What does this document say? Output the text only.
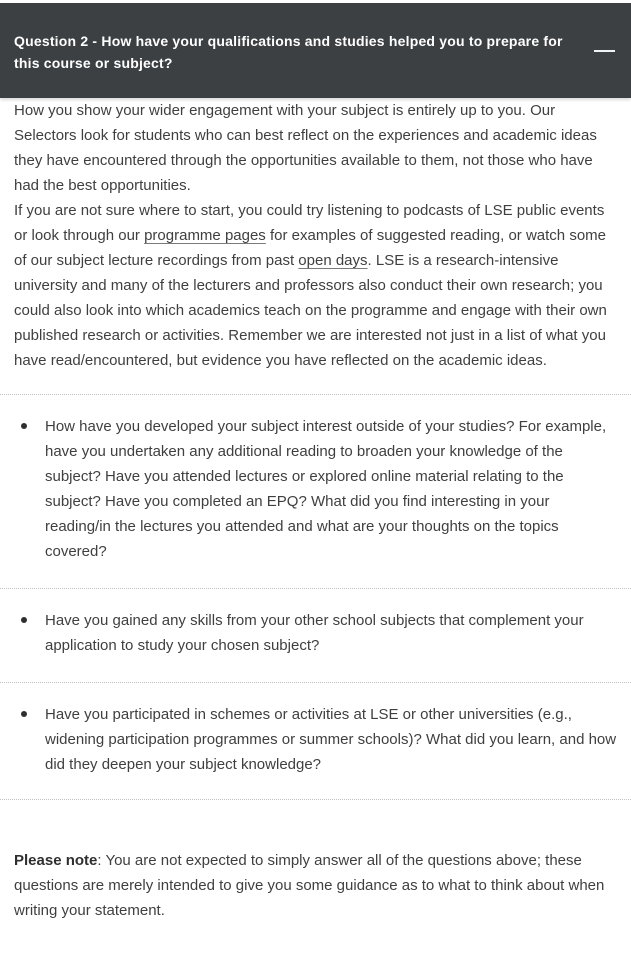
Question 2 - How have your qualifications and studies helped you to prepare for this course or subject?

How you show your wider engagement with your subject is entirely up to you. Our Selectors look for students who can best reflect on the experiences and academic ideas they have encountered through the opportunities available to them, not those who have had the best opportunities.

If you are not sure where to start, you could try listening to podcasts of LSE public events or look through our programme pages for examples of suggested reading, or watch some of our subject lecture recordings from past open days. LSE is a research-intensive university and many of the lecturers and professors also conduct their own research; you could also look into which academics teach on the programme and engage with their own published research or activities. Remember we are interested not just in a list of what you have read/encountered, but evidence you have reflected on the academic ideas.

How have you developed your subject interest outside of your studies? For example, have you undertaken any additional reading to broaden your knowledge of the subject? Have you attended lectures or explored online material relating to the subject? Have you completed an EPQ? What did you find interesting in your reading/in the lectures you attended and what are your thoughts on the topics covered?
Have you gained any skills from your other school subjects that complement your application to study your chosen subject?
Have you participated in schemes or activities at LSE or other universities (e.g., widening participation programmes or summer schools)? What did you learn, and how did they deepen your subject knowledge?

Please note: You are not expected to simply answer all of the questions above; these questions are merely intended to give you some guidance as to what to think about when writing your statement.
